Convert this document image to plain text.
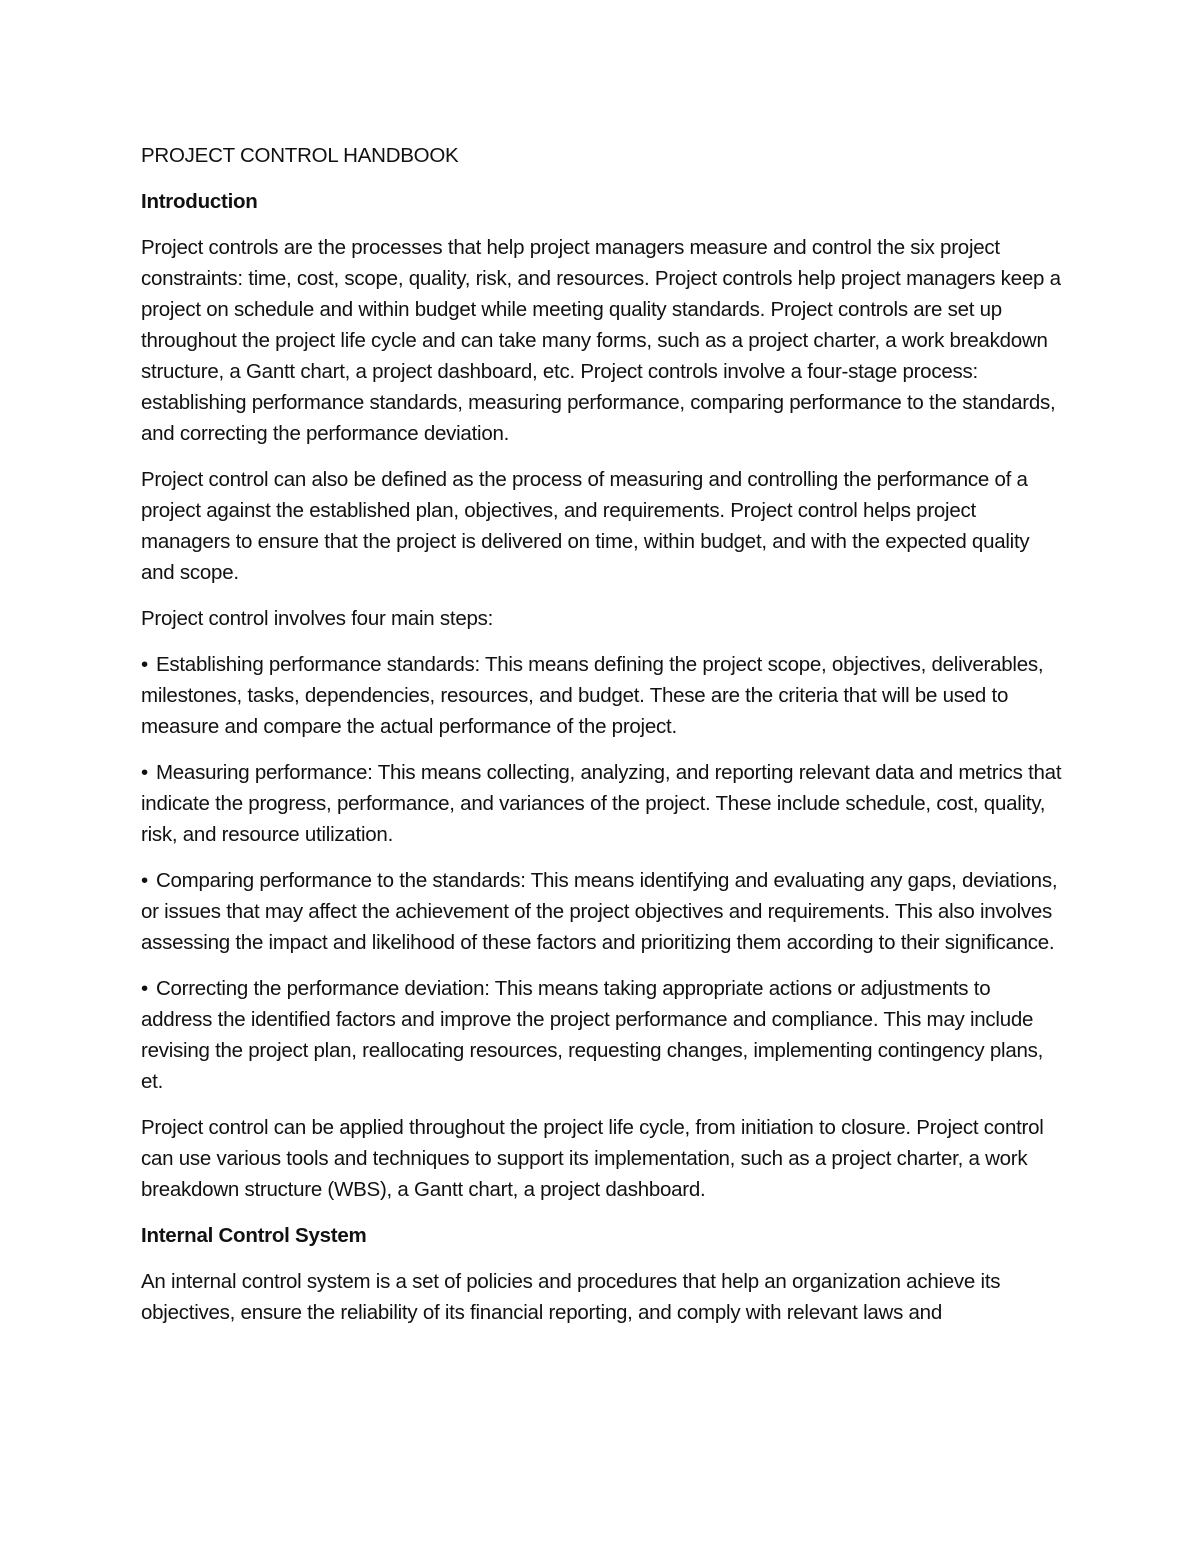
PROJECT CONTROL HANDBOOK

Introduction

Project controls are the processes that help project managers measure and control the six project constraints: time, cost, scope, quality, risk, and resources. Project controls help project managers keep a project on schedule and within budget while meeting quality standards. Project controls are set up throughout the project life cycle and can take many forms, such as a project charter, a work breakdown structure, a Gantt chart, a project dashboard, etc. Project controls involve a four-stage process: establishing performance standards, measuring performance, comparing performance to the standards, and correcting the performance deviation.

Project control can also be defined as the process of measuring and controlling the performance of a project against the established plan, objectives, and requirements. Project control helps project managers to ensure that the project is delivered on time, within budget, and with the expected quality and scope.

Project control involves four main steps:

• Establishing performance standards: This means defining the project scope, objectives, deliverables, milestones, tasks, dependencies, resources, and budget. These are the criteria that will be used to measure and compare the actual performance of the project.

• Measuring performance: This means collecting, analyzing, and reporting relevant data and metrics that indicate the progress, performance, and variances of the project. These include schedule, cost, quality, risk, and resource utilization.

• Comparing performance to the standards: This means identifying and evaluating any gaps, deviations, or issues that may affect the achievement of the project objectives and requirements. This also involves assessing the impact and likelihood of these factors and prioritizing them according to their significance.

• Correcting the performance deviation: This means taking appropriate actions or adjustments to address the identified factors and improve the project performance and compliance. This may include revising the project plan, reallocating resources, requesting changes, implementing contingency plans, et.

Project control can be applied throughout the project life cycle, from initiation to closure. Project control can use various tools and techniques to support its implementation, such as a project charter, a work breakdown structure (WBS), a Gantt chart, a project dashboard.

Internal Control System

An internal control system is a set of policies and procedures that help an organization achieve its objectives, ensure the reliability of its financial reporting, and comply with relevant laws and
